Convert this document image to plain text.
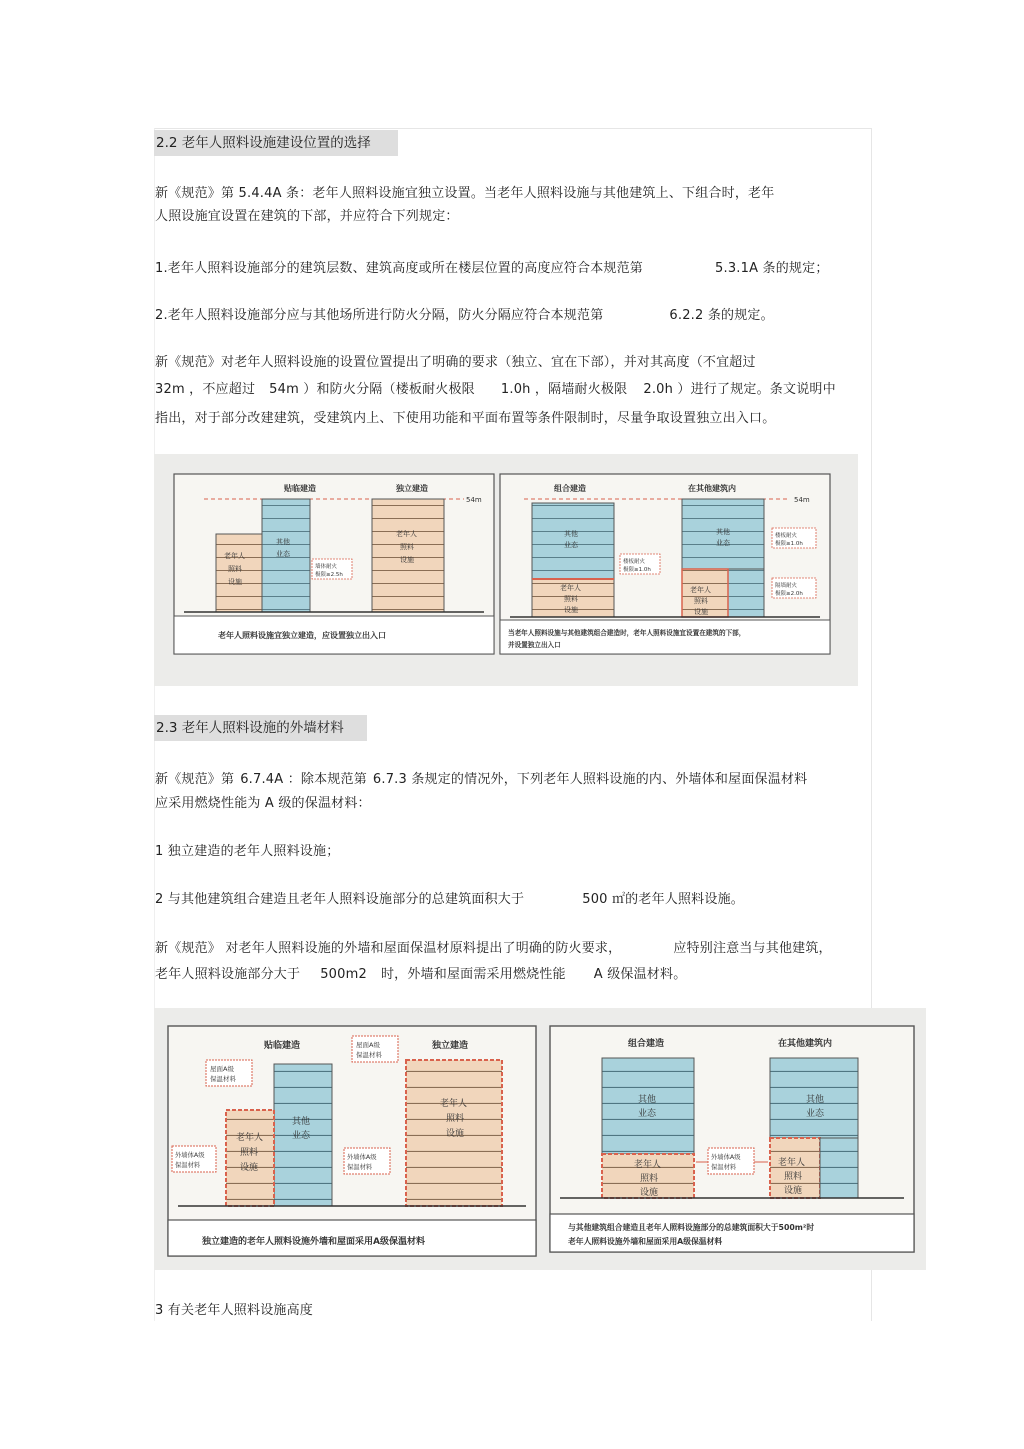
2.2 老年人照料设施建设位置的选择
新《规范》第 5.4.4A 条：老年人照料设施宜独立设置。当老年人照料设施与其他建筑上、下组合时，老年
人照设施宜设置在建筑的下部，并应符合下列规定：
1.老年人照料设施部分的建筑层数、建筑高度或所在楼层位置的高度应符合本规范第	5.3.1A 条的规定；
2.老年人照料设施部分应与其他场所进行防火分隔，防火分隔应符合本规范第	6.2.2 条的规定。
新《规范》对老年人照料设施的设置位置提出了明确的要求（独立、宜在下部），并对其高度（不宜超过
32m ，不应超过 54m ）和防火分隔（楼板耐火极限 1.0h ，隔墙耐火极限 2.0h ）进行了规定。条文说明中
指出，对于部分改建建筑，受建筑内上、下使用功能和平面布置等条件限制时，尽量争取设置独立出入口。
贴临建造	独立建造
54m
老年人
照料
设施
其他
业态
墙体耐火
极限≥2.5h
老年人
照料
设施
老年人照料设施宜独立建造，应设置独立出入口
组合建造	在其他建筑内
54m
其他
业态
老年人
照料
设施
楼板耐火
极限≥1.0h
其他
业态
老年人
照料
设施
楼板耐火
极限≥1.0h
隔墙耐火
极限≥2.0h
当老年人照料设施与其他建筑组合建造时，老年人照料设施宜设置在建筑的下部，
并设置独立出入口
2.3 老年人照料设施的外墙材料
新《规范》第 6.7.4A ：除本规范第 6.7.3 条规定的情况外，下列老年人照料设施的内、外墙体和屋面保温材料
应采用燃烧性能为 A 级的保温材料：
1 独立建造的老年人照料设施；
2 与其他建筑组合建造且老年人照料设施部分的总建筑面积大于	500 ㎡的老年人照料设施。
新《规范》 对老年人照料设施的外墙和屋面保温材原料提出了明确的防火要求，	应特别注意当与其他建筑，
老年人照料设施部分大于 500m2 时，外墙和屋面需采用燃烧性能 A 级保温材料。
贴临建造	独立建造
老年人
照料
设施
其他
业态
屋面A级
保温材料
外墙体A级
保温材料
老年人
照料
设施
屋面A级
保温材料
外墙体A级
保温材料
独立建造的老年人照料设施外墙和屋面采用A级保温材料
组合建造	在其他建筑内
其他
业态
老年人
照料
设施
其他
业态
老年人
照料
设施
外墙体A级
保温材料
与其他建筑组合建造且老年人照料设施部分的总建筑面积大于500m²时
老年人照料设施外墙和屋面采用A级保温材料
3 有关老年人照料设施高度
